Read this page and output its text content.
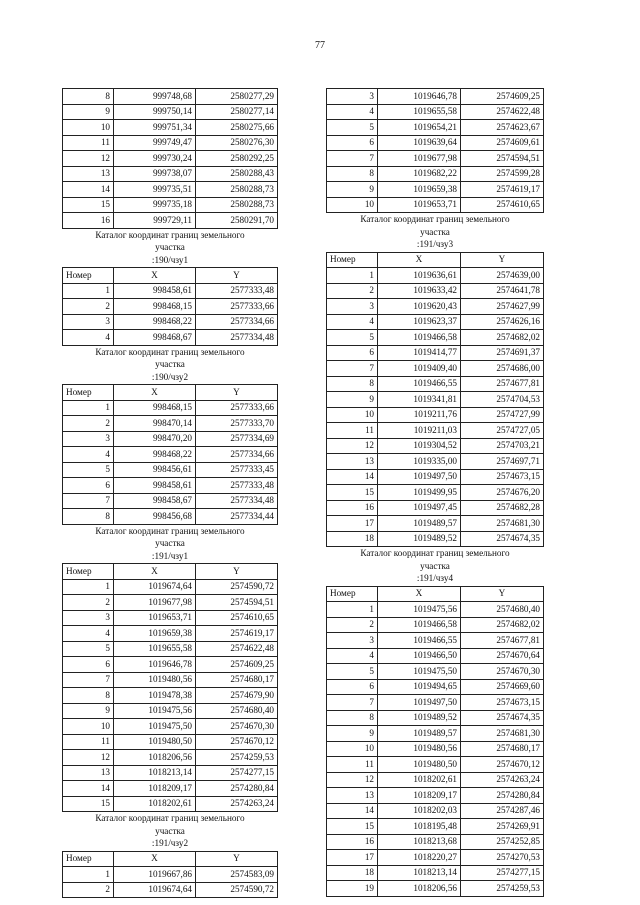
77
8	999748,68	2580277,29
9	999750,14	2580277,14
10	999751,34	2580275,66
11	999749,47	2580276,30
12	999730,24	2580292,25
13	999738,07	2580288,43
14	999735,51	2580288,73
15	999735,18	2580288,73
16	999729,11	2580291,70
Каталог координат границ земельного
участка
:190/чзу1
Номер	X	Y
1	998458,61	2577333,48
2	998468,15	2577333,66
3	998468,22	2577334,66
4	998468,67	2577334,48
Каталог координат границ земельного
участка
:190/чзу2
Номер	X	Y
1	998468,15	2577333,66
2	998470,14	2577333,70
3	998470,20	2577334,69
4	998468,22	2577334,66
5	998456,61	2577333,45
6	998458,61	2577333,48
7	998458,67	2577334,48
8	998456,68	2577334,44
Каталог координат границ земельного
участка
:191/чзу1
Номер	X	Y
1	1019674,64	2574590,72
2	1019677,98	2574594,51
3	1019653,71	2574610,65
4	1019659,38	2574619,17
5	1019655,58	2574622,48
6	1019646,78	2574609,25
7	1019480,56	2574680,17
8	1019478,38	2574679,90
9	1019475,56	2574680,40
10	1019475,50	2574670,30
11	1019480,50	2574670,12
12	1018206,56	2574259,53
13	1018213,14	2574277,15
14	1018209,17	2574280,84
15	1018202,61	2574263,24
Каталог координат границ земельного
участка
:191/чзу2
Номер	X	Y
1	1019667,86	2574583,09
2	1019674,64	2574590,72
3	1019646,78	2574609,25
4	1019655,58	2574622,48
5	1019654,21	2574623,67
6	1019639,64	2574609,61
7	1019677,98	2574594,51
8	1019682,22	2574599,28
9	1019659,38	2574619,17
10	1019653,71	2574610,65
Каталог координат границ земельного
участка
:191/чзу3
Номер	X	Y
1	1019636,61	2574639,00
2	1019633,42	2574641,78
3	1019620,43	2574627,99
4	1019623,37	2574626,16
5	1019466,58	2574682,02
6	1019414,77	2574691,37
7	1019409,40	2574686,00
8	1019466,55	2574677,81
9	1019341,81	2574704,53
10	1019211,76	2574727,99
11	1019211,03	2574727,05
12	1019304,52	2574703,21
13	1019335,00	2574697,71
14	1019497,50	2574673,15
15	1019499,95	2574676,20
16	1019497,45	2574682,28
17	1019489,57	2574681,30
18	1019489,52	2574674,35
Каталог координат границ земельного
участка
:191/чзу4
Номер	X	Y
1	1019475,56	2574680,40
2	1019466,58	2574682,02
3	1019466,55	2574677,81
4	1019466,50	2574670,64
5	1019475,50	2574670,30
6	1019494,65	2574669,60
7	1019497,50	2574673,15
8	1019489,52	2574674,35
9	1019489,57	2574681,30
10	1019480,56	2574680,17
11	1019480,50	2574670,12
12	1018202,61	2574263,24
13	1018209,17	2574280,84
14	1018202,03	2574287,46
15	1018195,48	2574269,91
16	1018213,68	2574252,85
17	1018220,27	2574270,53
18	1018213,14	2574277,15
19	1018206,56	2574259,53
